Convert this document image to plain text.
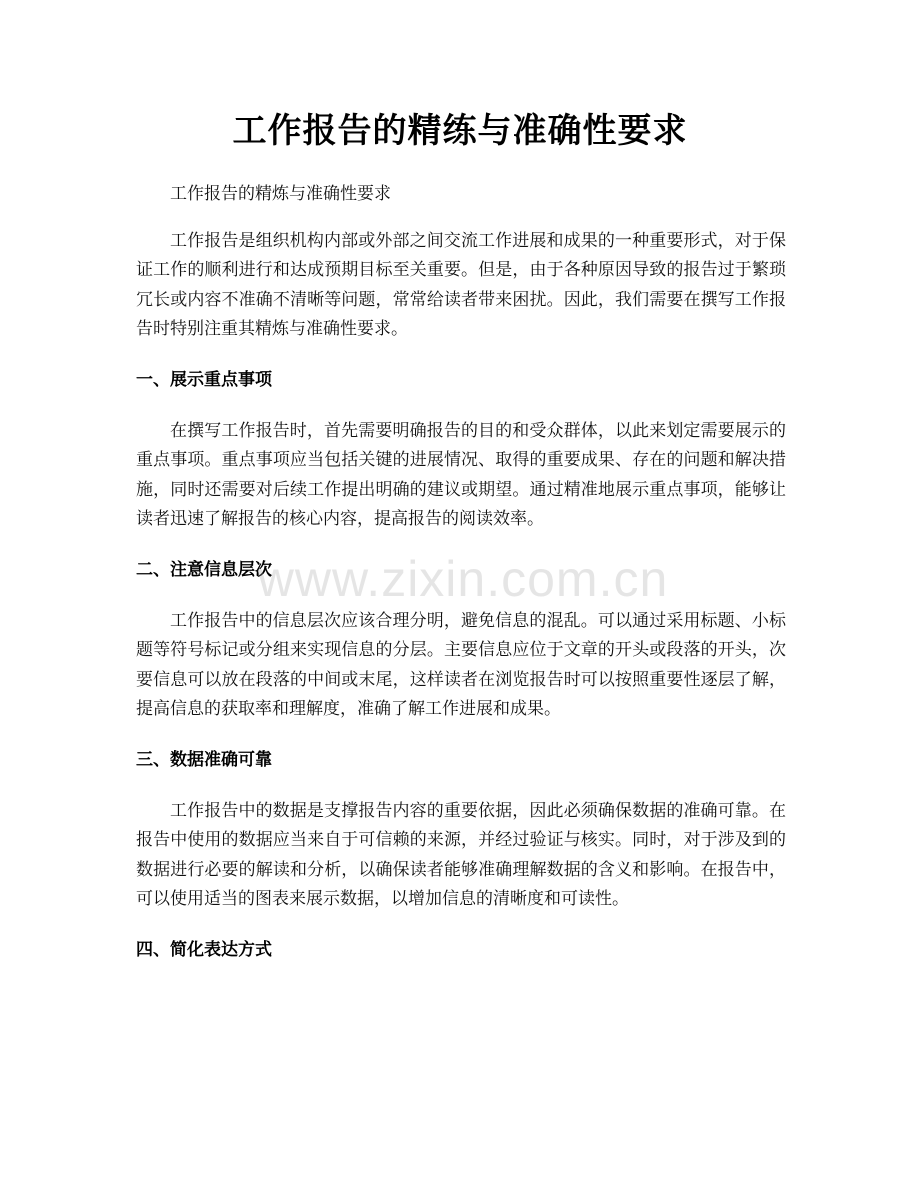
工作报告的精练与准确性要求

工作报告的精炼与准确性要求

工作报告是组织机构内部或外部之间交流工作进展和成果的一种重要形式，对于保证工作的顺利进行和达成预期目标至关重要。但是，由于各种原因导致的报告过于繁琐冗长或内容不准确不清晰等问题，常常给读者带来困扰。因此，我们需要在撰写工作报告时特别注重其精炼与准确性要求。

一、展示重点事项

在撰写工作报告时，首先需要明确报告的目的和受众群体，以此来划定需要展示的重点事项。重点事项应当包括关键的进展情况、取得的重要成果、存在的问题和解决措施，同时还需要对后续工作提出明确的建议或期望。通过精准地展示重点事项，能够让读者迅速了解报告的核心内容，提高报告的阅读效率。

二、注意信息层次

工作报告中的信息层次应该合理分明，避免信息的混乱。可以通过采用标题、小标题等符号标记或分组来实现信息的分层。主要信息应位于文章的开头或段落的开头，次要信息可以放在段落的中间或末尾，这样读者在浏览报告时可以按照重要性逐层了解，提高信息的获取率和理解度，准确了解工作进展和成果。

三、数据准确可靠

工作报告中的数据是支撑报告内容的重要依据，因此必须确保数据的准确可靠。在报告中使用的数据应当来自于可信赖的来源，并经过验证与核实。同时，对于涉及到的数据进行必要的解读和分析，以确保读者能够准确理解数据的含义和影响。在报告中，可以使用适当的图表来展示数据，以增加信息的清晰度和可读性。

四、简化表达方式
www.zixin.com.cn
